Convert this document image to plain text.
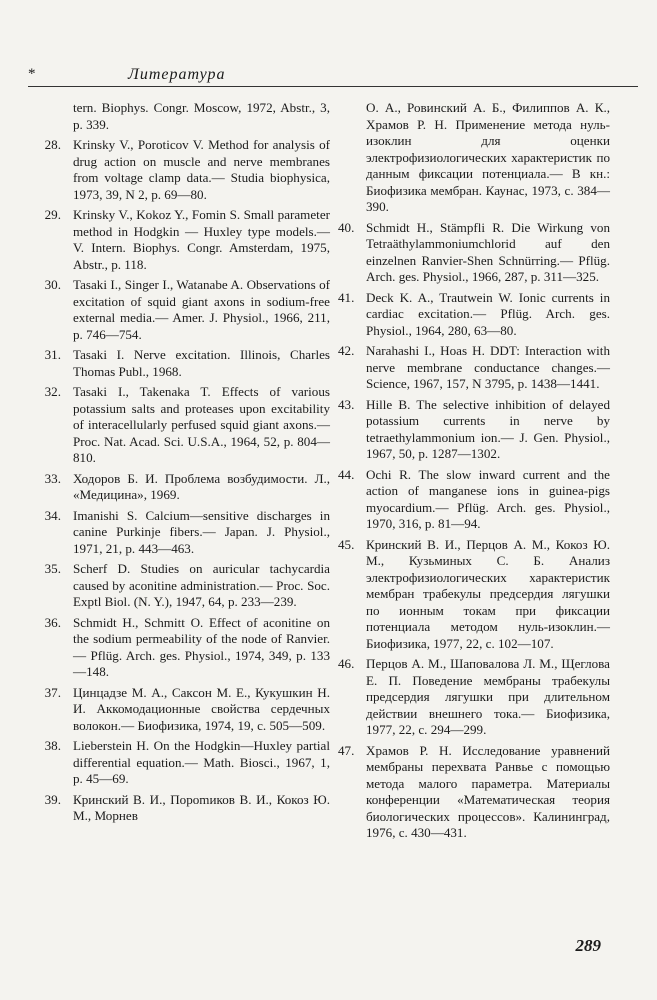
*	Литература
tern. Biophys. Congr. Moscow, 1972, Abstr., 3, p. 339.
28. Krinsky V., Poroticov V. Method for analysis of drug action on muscle and nerve membranes from voltage clamp data.— Studia biophysica, 1973, 39, N 2, p. 69—80.
29. Krinsky V., Kokoz Y., Fomin S. Small parameter method in Hodgkin — Huxley type models.— V. Intern. Biophys. Congr. Amsterdam, 1975, Abstr., p. 118.
30. Tasaki I., Singer I., Watanabe A. Observations of excitation of squid giant axons in sodium-free external media.— Amer. J. Physiol., 1966, 211, p. 746—754.
31. Tasaki I. Nerve excitation. Illinois, Charles Thomas Publ., 1968.
32. Tasaki I., Takenaka T. Effects of various potassium salts and proteases upon excitability of interacellularly perfused squid giant axons.— Proc. Nat. Acad. Sci. U.S.A., 1964, 52, p. 804—810.
33. Ходоров Б. И. Проблема возбудимости. Л., «Медицина», 1969.
34. Imanishi S. Calcium—sensitive discharges in canine Purkinje fibers.— Japan. J. Physiol., 1971, 21, p. 443—463.
35. Scherf D. Studies on auricular tachycardia caused by aconitine administration.— Proc. Soc. Exptl Biol. (N. Y.), 1947, 64, p. 233—239.
36. Schmidt H., Schmitt O. Effect of aconitine on the sodium permeability of the node of Ranvier.— Pflüg. Arch. ges. Physiol., 1974, 349, p. 133—148.
37. Цинцадзе М. А., Саксон М. Е., Кукушкин Н. И. Аккомодационные свойства сердечных волокон.— Биофизика, 1974, 19, с. 505—509.
38. Lieberstein H. On the Hodgkin—Huxley partial differential equation.— Math. Biosci., 1967, 1, p. 45—69.
39. Кринский В. И., Пороmиков В. И., Кокоз Ю. М., Морнев
О. А., Ровинский А. Б., Филиппов А. К., Храмов Р. Н. Применение метода нуль-изоклин для оценки электрофизиологических характеристик по данным фиксации потенциала.— В кн.: Биофизика мембран. Каунас, 1973, с. 384—390.
40. Schmidt H., Stämpfli R. Die Wirkung von Tetraäthylammoniumchlorid auf den einzelnen Ranvier-Shen Schnürring.— Pflüg. Arch. ges. Physiol., 1966, 287, p. 311—325.
41. Deck K. A., Trautwein W. Ionic currents in cardiac excitation.— Pflüg. Arch. ges. Physiol., 1964, 280, 63—80.
42. Narahashi I., Hoas H. DDT: Interaction with nerve membrane conductance changes.— Science, 1967, 157, N 3795, p. 1438—1441.
43. Hille B. The selective inhibition of delayed potassium currents in nerve by tetraethylammonium ion.— J. Gen. Physiol., 1967, 50, p. 1287—1302.
44. Ochi R. The slow inward current and the action of manganese ions in guinea-pigs myocardium.— Pflüg. Arch. ges. Physiol., 1970, 316, p. 81—94.
45. Кринский В. И., Перцов А. М., Кокоз Ю. М., Кузьминых С. Б. Анализ электрофизиологических характеристик мембран трабекулы предсердия лягушки по ионным токам при фиксации потенциала методом нуль-изоклин.— Биофизика, 1977, 22, с. 102—107.
46. Перцов А. М., Шаповалова Л. М., Щеглова Е. П. Поведение мембраны трабекулы предсердия лягушки при длительном действии внешнего тока.— Биофизика, 1977, 22, с. 294—299.
47. Храмов Р. Н. Исследование уравнений мембраны перехвата Ранвье с помощью метода малого параметра. Материалы конференции «Математическая теория биологических процессов». Калининград, 1976, с. 430—431.
289
